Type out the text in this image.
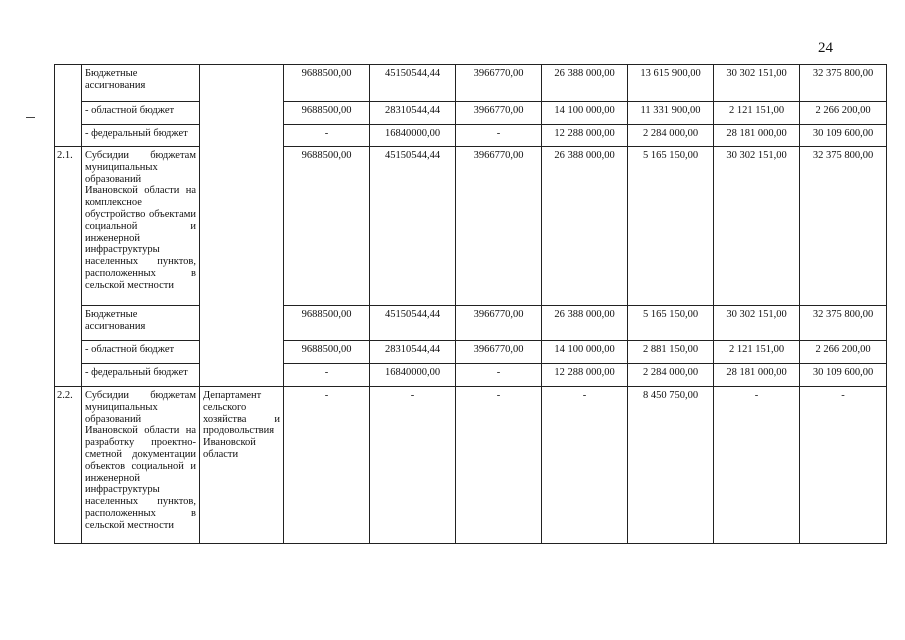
24
	Бюджетные ассигнования		9688500,00	45150544,44	3966770,00	26 388 000,00	13 615 900,00	30 302 151,00	32 375 800,00
	- областной бюджет		9688500,00	28310544,44	3966770,00	14 100 000,00	11 331 900,00	2 121 151,00	2 266 200,00
	- федеральный бюджет		-	16840000,00	-	12 288 000,00	2 284 000,00	28 181 000,00	30 109 600,00
2.1.	Субсидии бюджетам муниципальных образований Ивановской области на комплексное обустройство объектами социальной и инженерной инфраструктуры населенных пунктов, расположенных в сельской местности		9688500,00	45150544,44	3966770,00	26 388 000,00	5 165 150,00	30 302 151,00	32 375 800,00
	Бюджетные ассигнования		9688500,00	45150544,44	3966770,00	26 388 000,00	5 165 150,00	30 302 151,00	32 375 800,00
	- областной бюджет		9688500,00	28310544,44	3966770,00	14 100 000,00	2 881 150,00	2 121 151,00	2 266 200,00
	- федеральный бюджет		-	16840000,00	-	12 288 000,00	2 284 000,00	28 181 000,00	30 109 600,00
2.2.	Субсидии бюджетам муниципальных образований Ивановской области на разработку проектно-сметной документации объектов социальной и инженерной инфраструктуры населенных пунктов, расположенных в сельской местности	Департамент сельского хозяйства и продовольствия Ивановской области	-	-	-	-	8 450 750,00	-	-
